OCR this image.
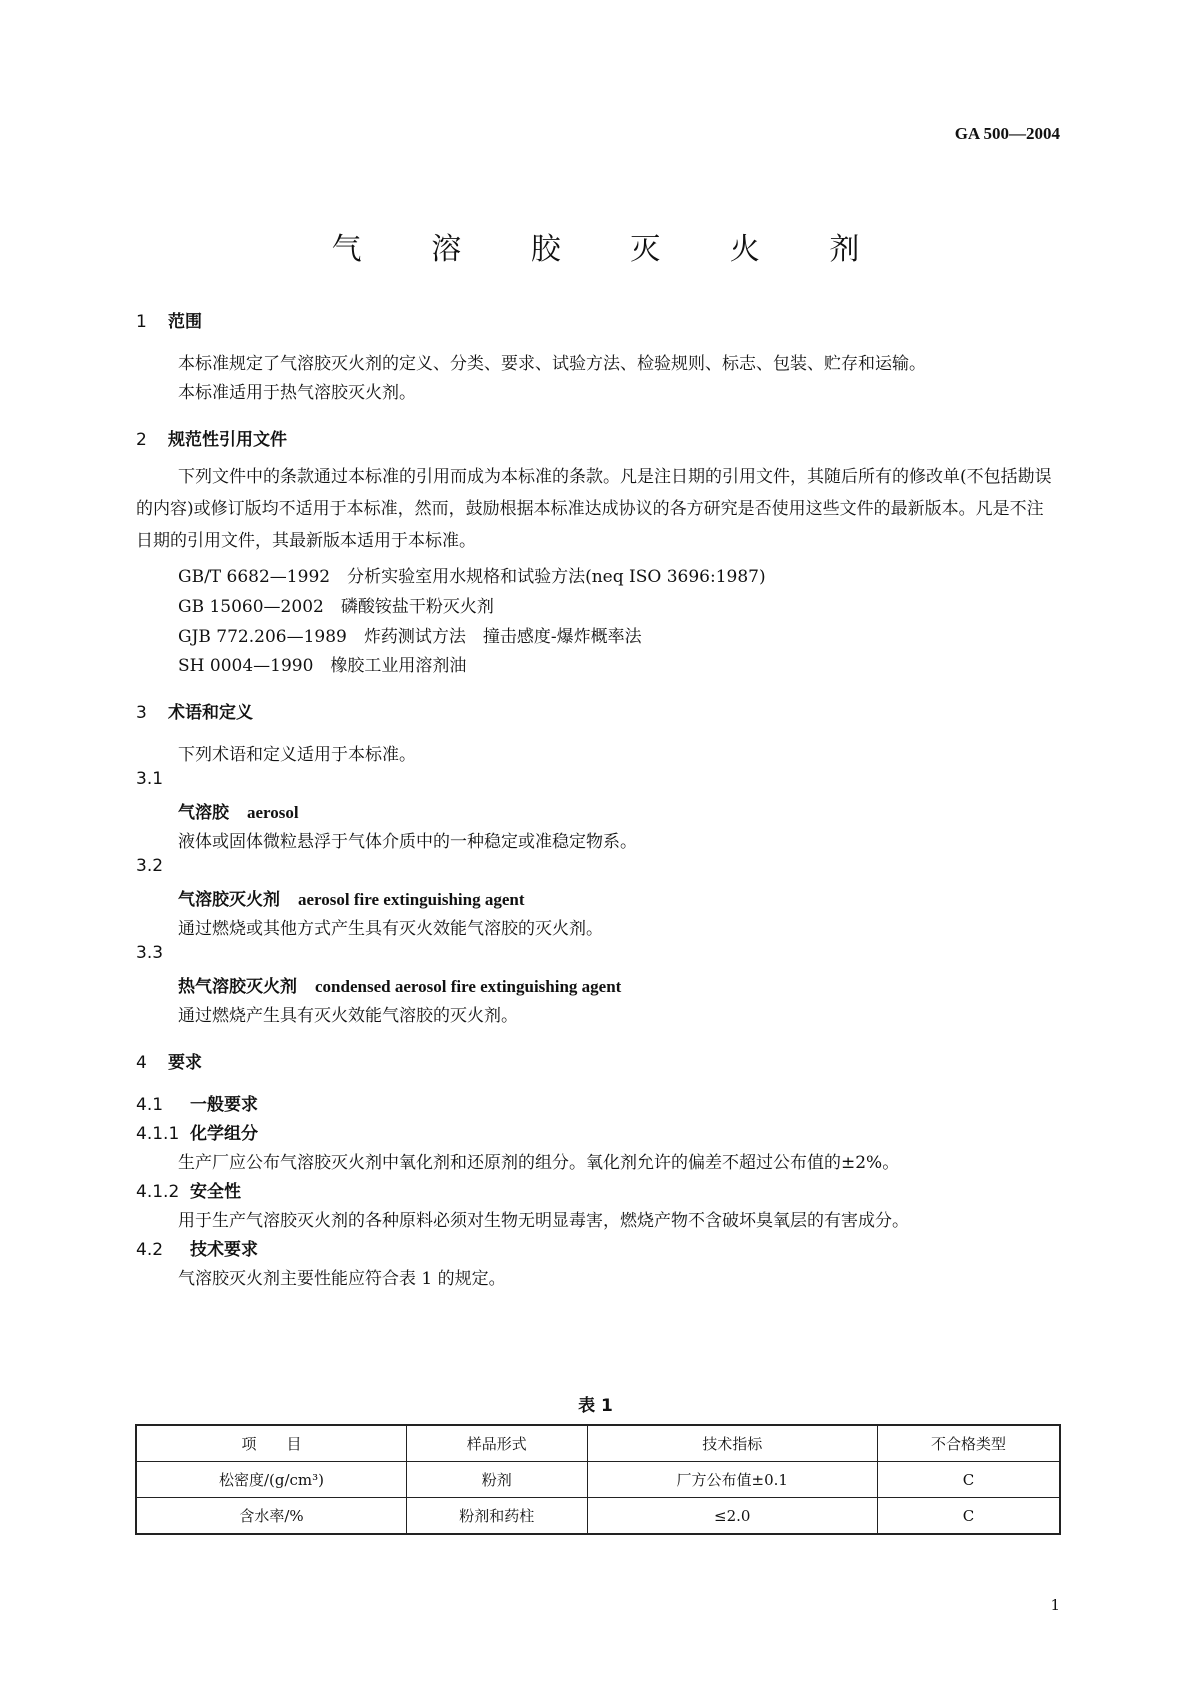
GA 500—2004
气 溶 胶 灭 火 剂
1 范围
本标准规定了气溶胶灭火剂的定义、分类、要求、试验方法、检验规则、标志、包装、贮存和运输。
本标准适用于热气溶胶灭火剂。
2 规范性引用文件
下列文件中的条款通过本标准的引用而成为本标准的条款。凡是注日期的引用文件，其随后所有的修改单(不包括勘误的内容)或修订版均不适用于本标准，然而，鼓励根据本标准达成协议的各方研究是否使用这些文件的最新版本。凡是不注日期的引用文件，其最新版本适用于本标准。
GB/T 6682—1992　分析实验室用水规格和试验方法(neq ISO 3696:1987)
GB 15060—2002　磷酸铵盐干粉灭火剂
GJB 772.206—1989　炸药测试方法　撞击感度-爆炸概率法
SH 0004—1990　橡胶工业用溶剂油
3 术语和定义
下列术语和定义适用于本标准。
3.1
气溶胶 aerosol
液体或固体微粒悬浮于气体介质中的一种稳定或准稳定物系。
3.2
气溶胶灭火剂 aerosol fire extinguishing agent
通过燃烧或其他方式产生具有灭火效能气溶胶的灭火剂。
3.3
热气溶胶灭火剂 condensed aerosol fire extinguishing agent
通过燃烧产生具有灭火效能气溶胶的灭火剂。
4 要求
4.1 一般要求
4.1.1 化学组分
生产厂应公布气溶胶灭火剂中氧化剂和还原剂的组分。氧化剂允许的偏差不超过公布值的±2%。
4.1.2 安全性
用于生产气溶胶灭火剂的各种原料必须对生物无明显毒害，燃烧产物不含破坏臭氧层的有害成分。
4.2 技术要求
气溶胶灭火剂主要性能应符合表 1 的规定。
表 1
项　　目	样品形式	技术指标	不合格类型
松密度/(g/cm³)	粉剂	厂方公布值±0.1	C
含水率/%	粉剂和药柱	≤2.0	C
1
